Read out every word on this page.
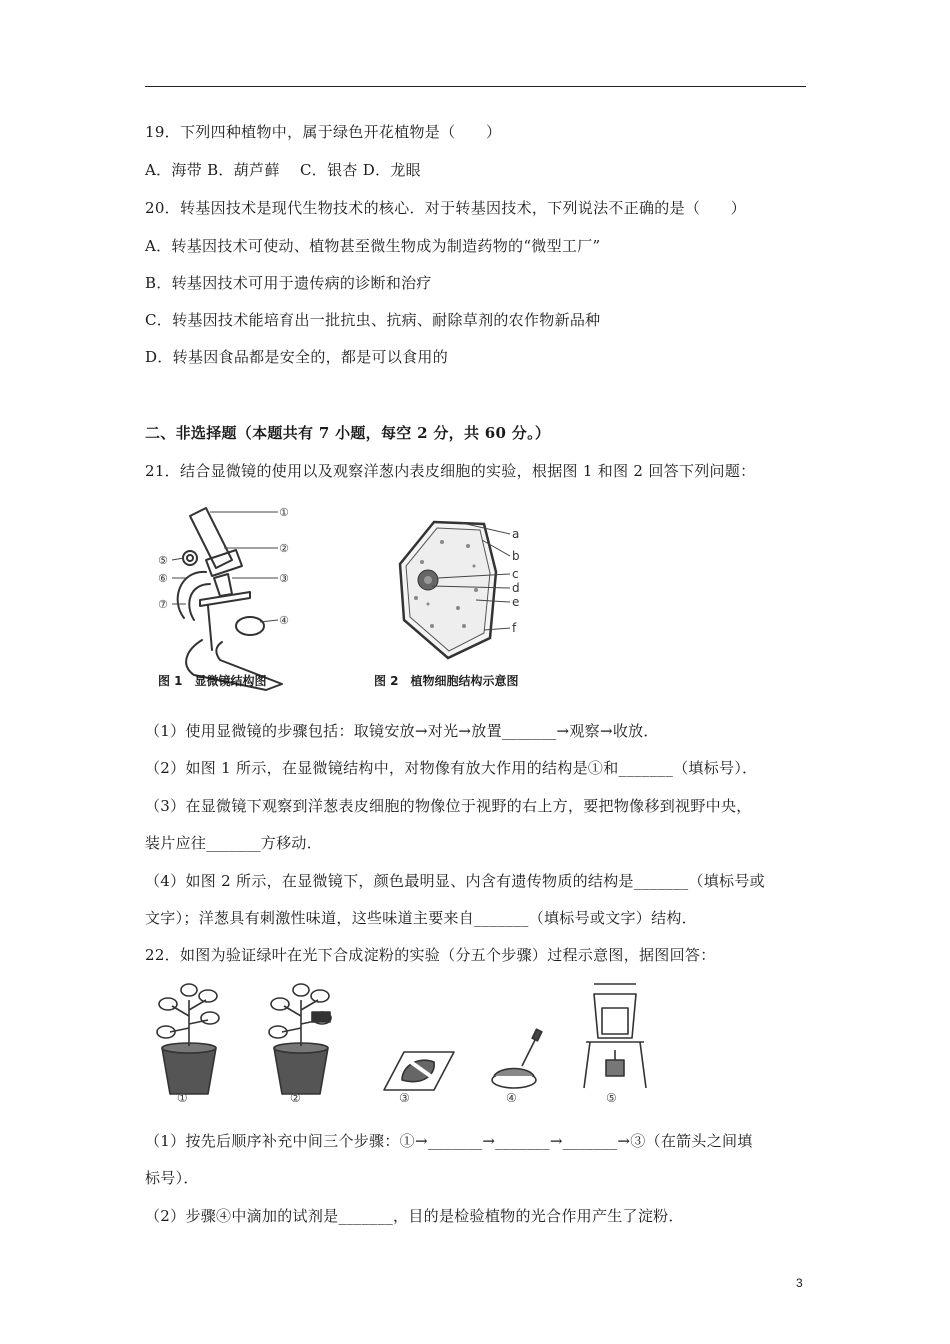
19．下列四种植物中，属于绿色开花植物是（　　）
A．海带 B．葫芦藓　 C．银杏 D．龙眼
20．转基因技术是现代生物技术的核心．对于转基因技术，下列说法不正确的是（　　）
A．转基因技术可使动、植物甚至微生物成为制造药物的“微型工厂”
B．转基因技术可用于遗传病的诊断和治疗
C．转基因技术能培育出一批抗虫、抗病、耐除草剂的农作物新品种
D．转基因食品都是安全的，都是可以食用的
二、非选择题（本题共有 7 小题，每空 2 分，共 60 分。）
21．结合显微镜的使用以及观察洋葱内表皮细胞的实验，根据图 1 和图 2 回答下列问题：
①
②
③
④
⑤
⑥
⑦
图 1　显微镜结构图
a
b
c
d
e
f
图 2　植物细胞结构示意图
（1）使用显微镜的步骤包括：取镜安放→对光→放置_______→观察→收放．
（2）如图 1 所示，在显微镜结构中，对物像有放大作用的结构是①和_______（填标号）．
（3）在显微镜下观察到洋葱表皮细胞的物像位于视野的右上方，要把物像移到视野中央，
装片应往_______方移动．
（4）如图 2 所示，在显微镜下，颜色最明显、内含有遗传物质的结构是_______（填标号或
文字）；洋葱具有刺激性味道，这些味道主要来自_______（填标号或文字）结构．
22．如图为验证绿叶在光下合成淀粉的实验（分五个步骤）过程示意图，据图回答：
①	②	③	④	⑤
（1）按先后顺序补充中间三个步骤：①→_______→_______→_______→③（在箭头之间填
标号）．
（2）步骤④中滴加的试剂是_______，目的是检验植物的光合作用产生了淀粉．
3
